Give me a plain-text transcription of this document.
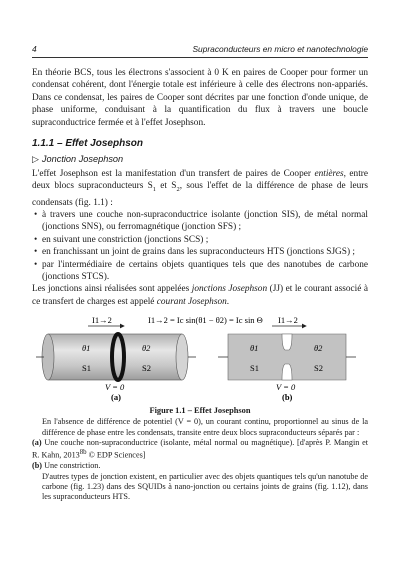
4	Supraconducteurs en micro et nanotechnologie

En théorie BCS, tous les électrons s'associent à 0 K en paires de Cooper pour former un condensat cohérent, dont l'énergie totale est inférieure à celle des électrons non-appariés. Dans ce condensat, les paires de Cooper sont décrites par une fonction d'onde unique, de phase uniforme, conduisant à la quantification du flux à travers une boucle supraconductrice fermée et à l'effet Josephson.

1.1.1 – Effet Josephson
▷ Jonction Josephson

L'effet Josephson est la manifestation d'un transfert de paires de Cooper entières, entre deux blocs supraconducteurs $S_1$ et $S_2$, sous l'effet de la différence de phase de leurs condensats (fig. 1.1) :

• à travers une couche non-supraconductrice isolante (jonction SIS), de métal normal (jonctions SNS), ou ferromagnétique (jonction SFS) ;
• en suivant une constriction (jonctions SCS) ;
• en franchissant un joint de grains dans les supraconducteurs HTS (jonctions SJGS) ;
• par l'intermédiaire de certains objets quantiques tels que des nanotubes de carbone (jonctions STCS).

Les jonctions ainsi réalisées sont appelées jonctions Josephson (JJ) et le courant associé à ce transfert de charges est appelé courant Josephson.

I1→2
θ1	θ2
S1	S2
V = 0
(a)
I1→2 = Ic sin(θ1 − θ2) = Ic sin Θ I1→2
θ1	θ2
S1	S2
V = 0
(b)
Figure 1.1 – Effet Josephson
En l'absence de différence de potentiel (V = 0), un courant continu, proportionnel au sinus de la différence de phase entre les condensats, transite entre deux blocs supraconducteurs séparés par :
(a) Une couche non-supraconductrice (isolante, métal normal ou magnétique). [d'après P. Mangin et R. Kahn, $2013^{8b}$ © EDP Sciences]
(b) Une constriction.
D'autres types de jonction existent, en particulier avec des objets quantiques tels qu'un nanotube de carbone (fig. 1.23) dans des SQUIDs à nano-jonction ou certains joints de grains (fig. 1.12), dans les supraconducteurs HTS.
